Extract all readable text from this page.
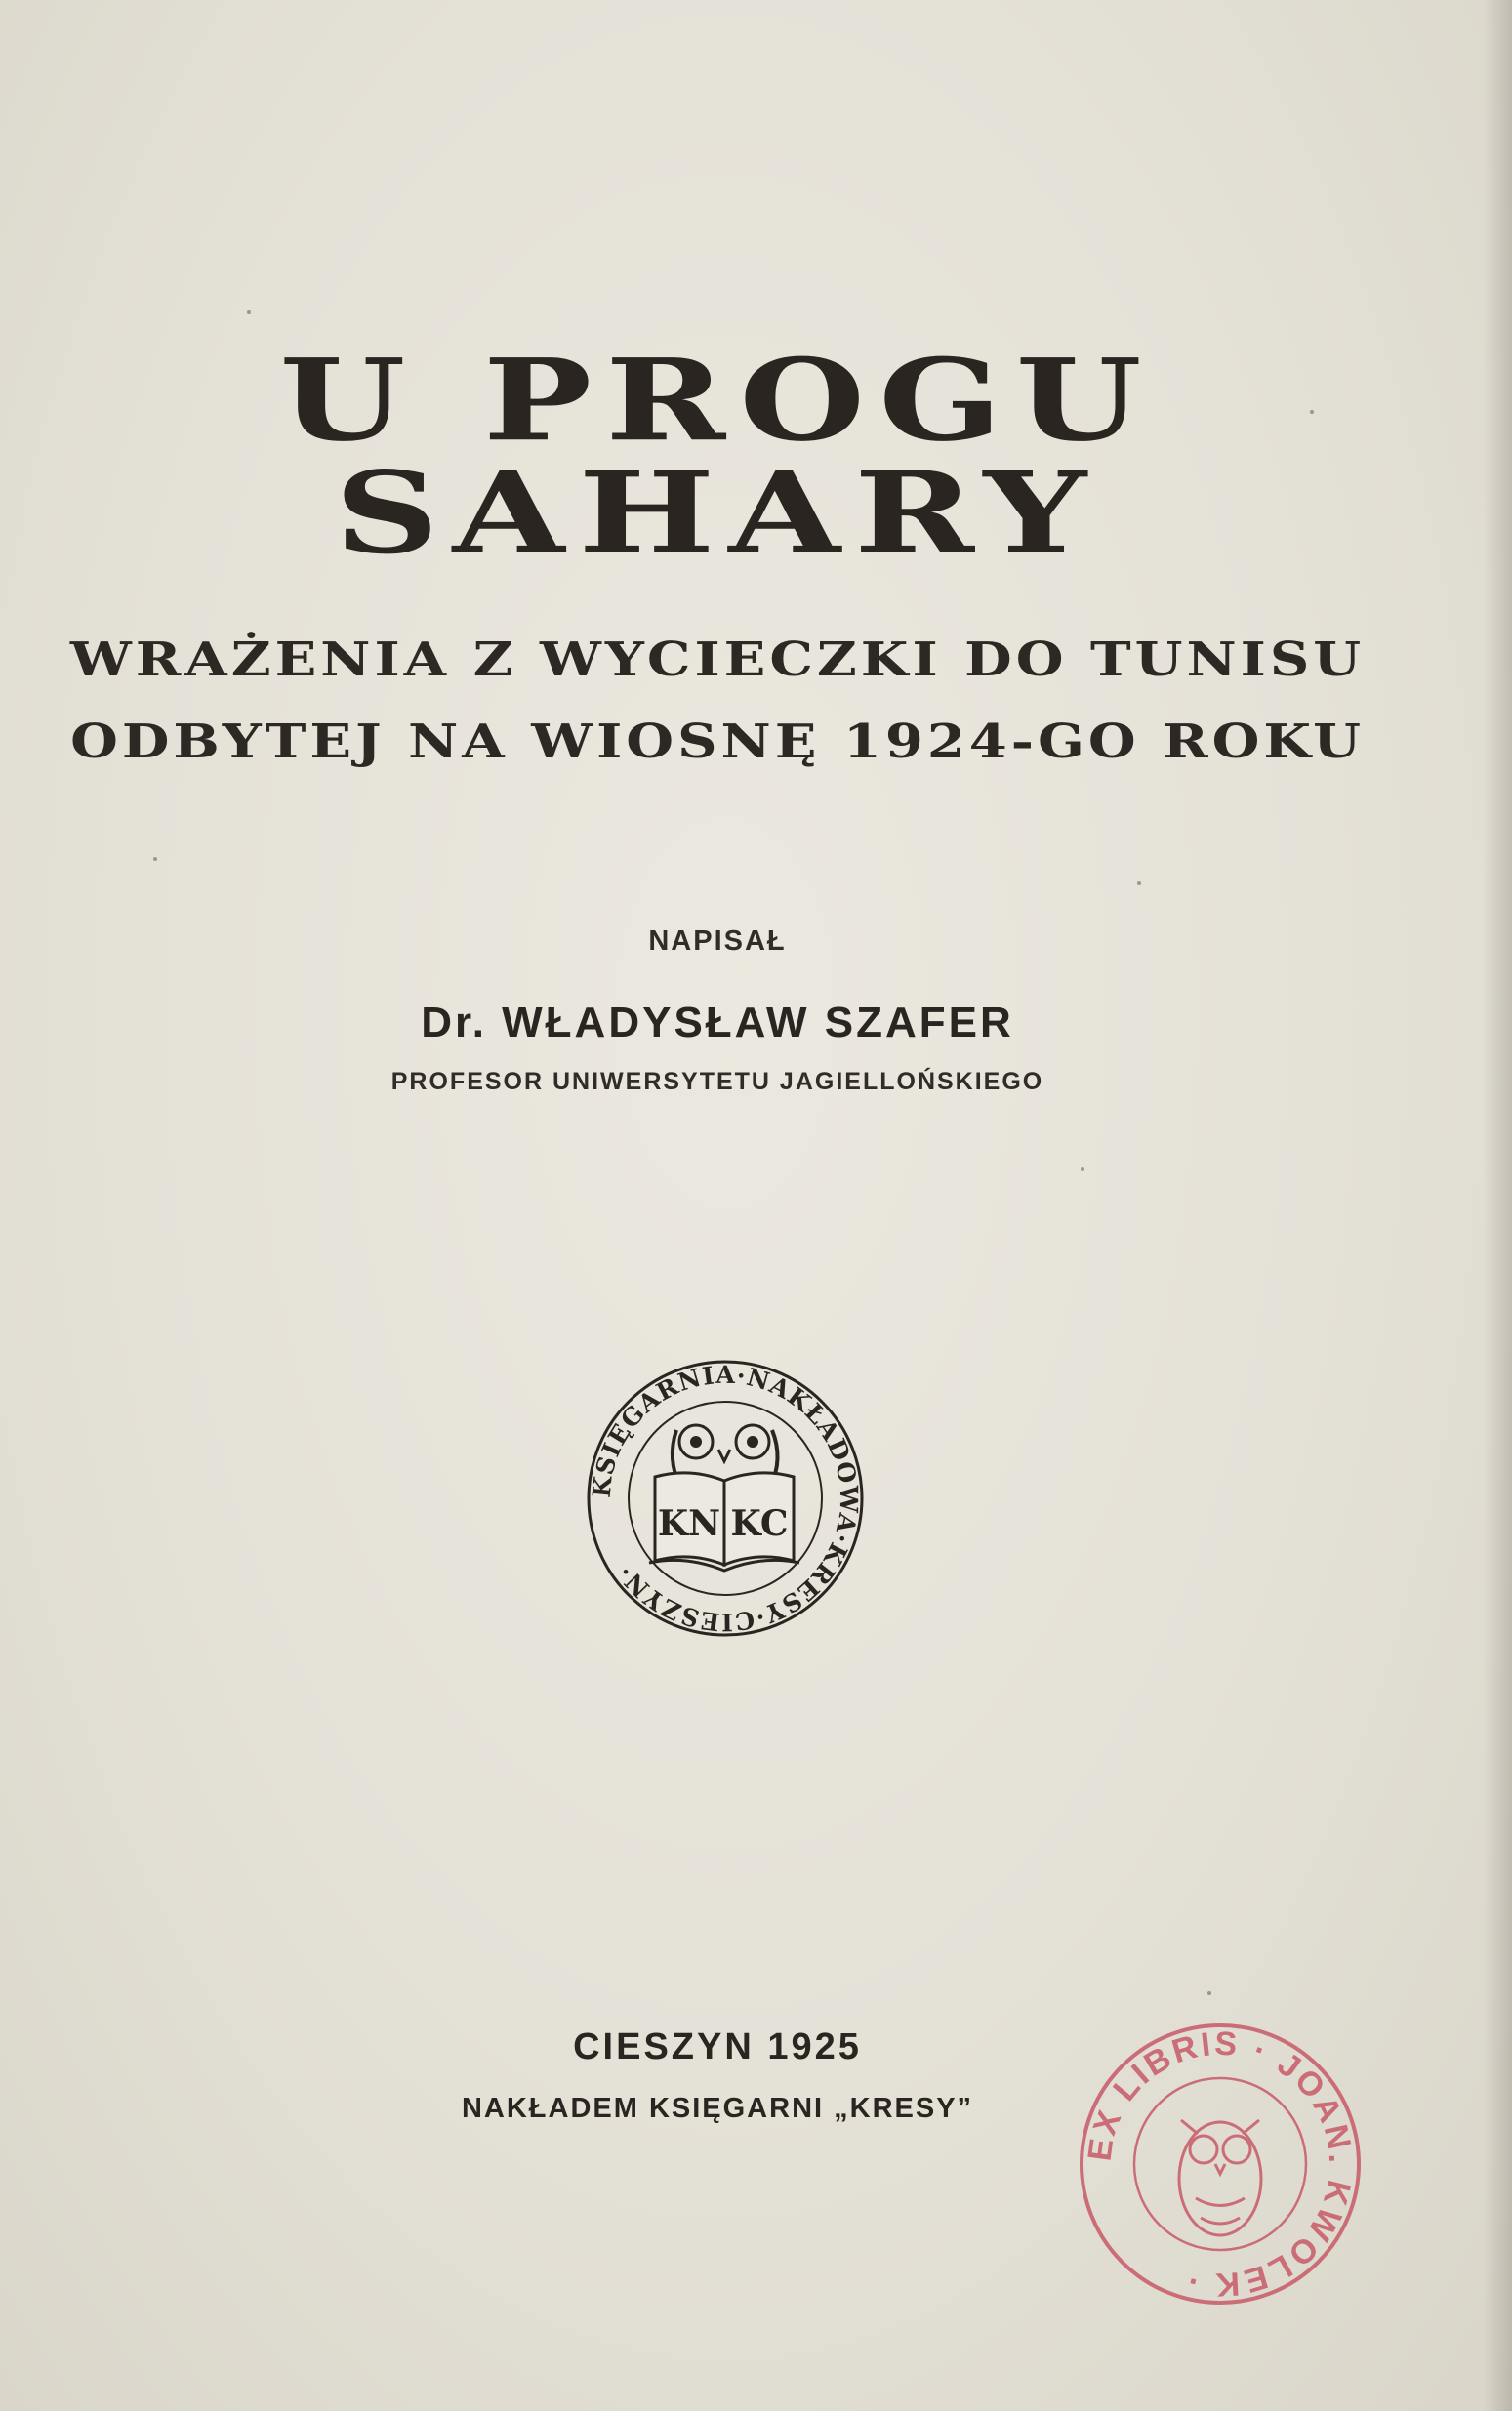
U PROGU SAHARY
WRAŻENIA Z WYCIECZKI DO TUNISU
ODBYTEJ NA WIOSNĘ 1924-GO ROKU
NAPISAŁ
Dr. WŁADYSŁAW SZAFER
PROFESOR UNIWERSYTETU JAGIELLOŃSKIEGO
KSIĘGARNIA·NAKŁADOWA·KRESY·CIESZYN·
KN KC
CIESZYN 1925
NAKŁADEM KSIĘGARNI „KRESY”
EX LIBRIS · JOAN. KWOLEK ·
